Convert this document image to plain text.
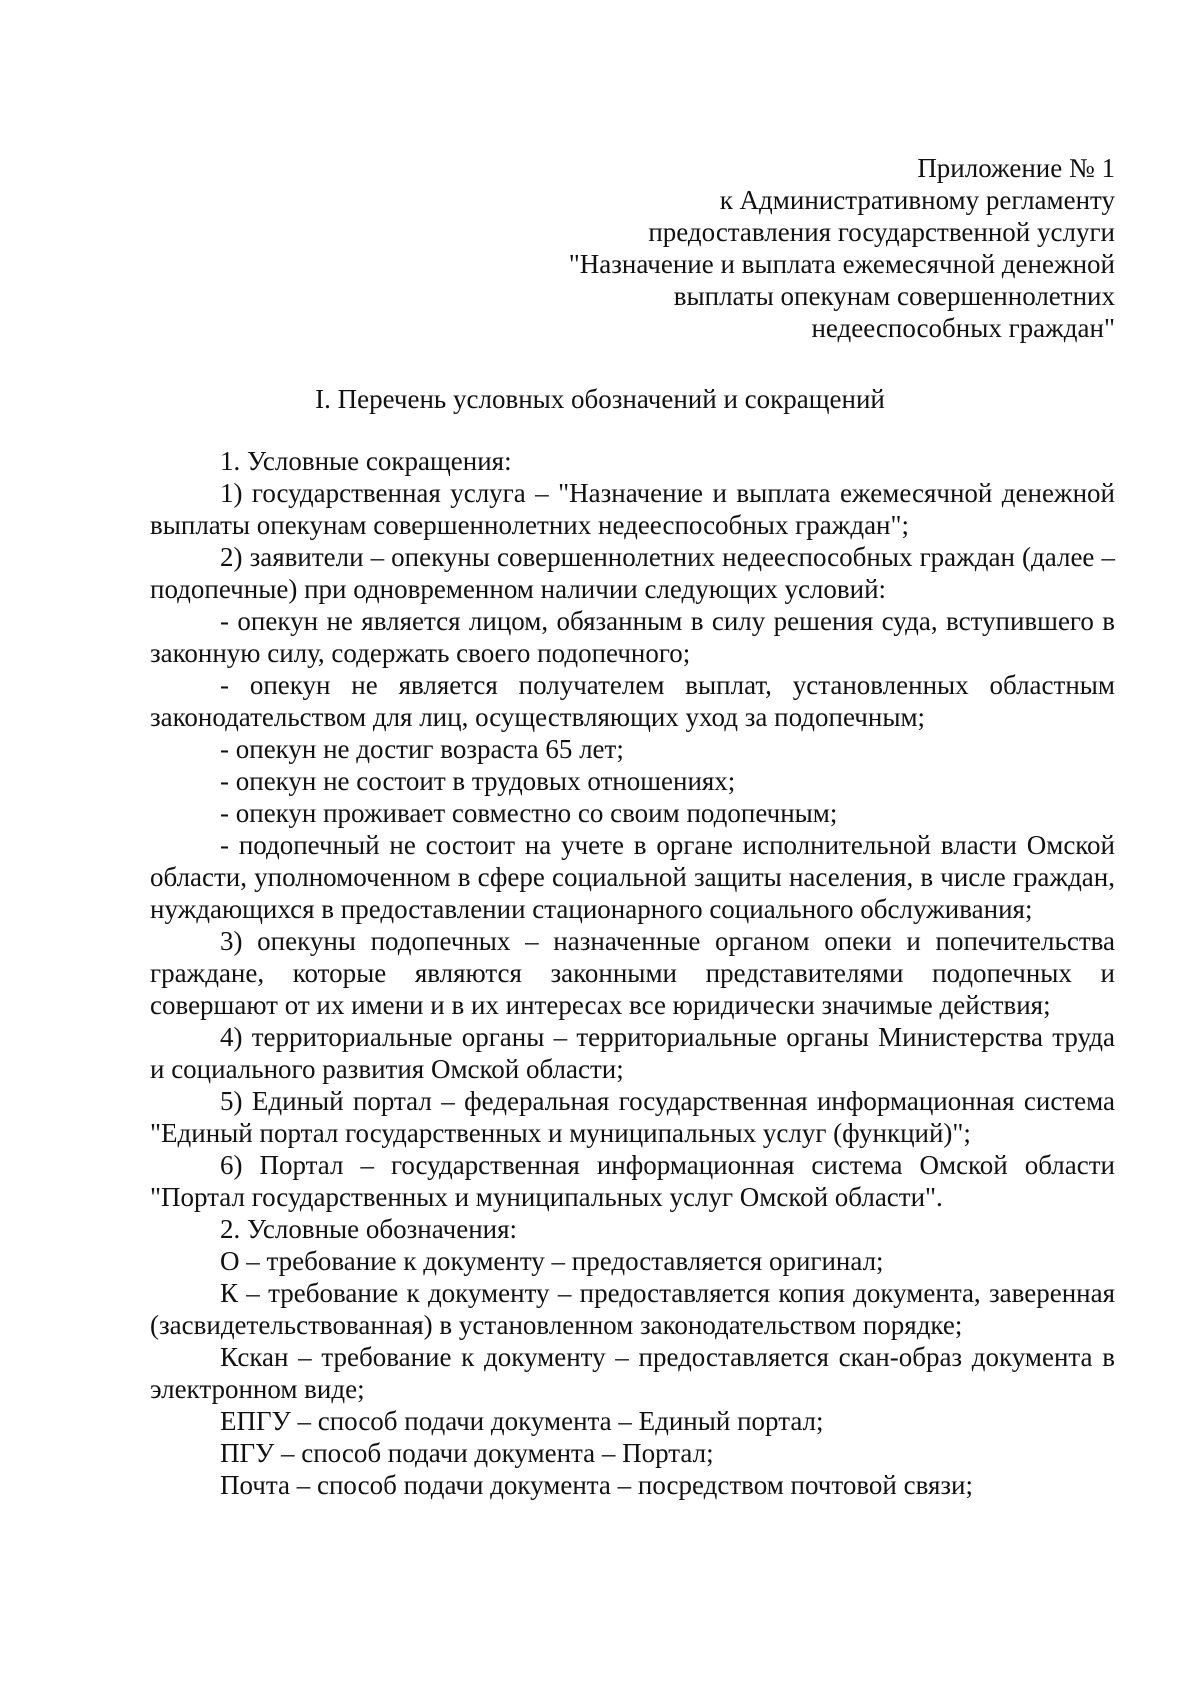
Приложение № 1
к Административному регламенту
предоставления государственной услуги
"Назначение и выплата ежемесячной денежной
выплаты опекунам совершеннолетних
недееспособных граждан"
I. Перечень условных обозначений и сокращений

1. Условные сокращения:

1) государственная услуга – "Назначение и выплата ежемесячной денежной выплаты опекунам совершеннолетних недееспособных граждан";

2) заявители – опекуны совершеннолетних недееспособных граждан (далее – подопечные) при одновременном наличии следующих условий:

- опекун не является лицом, обязанным в силу решения суда, вступившего в законную силу, содержать своего подопечного;

- опекун не является получателем выплат, установленных областным законодательством для лиц, осуществляющих уход за подопечным;

- опекун не достиг возраста 65 лет;

- опекун не состоит в трудовых отношениях;

- опекун проживает совместно со своим подопечным;

- подопечный не состоит на учете в органе исполнительной власти Омской области, уполномоченном в сфере социальной защиты населения, в числе граждан, нуждающихся в предоставлении стационарного социального обслуживания;

3) опекуны подопечных – назначенные органом опеки и попечительства граждане, которые являются законными представителями подопечных и совершают от их имени и в их интересах все юридически значимые действия;

4) территориальные органы – территориальные органы Министерства труда и социального развития Омской области;

5) Единый портал – федеральная государственная информационная система "Единый портал государственных и муниципальных услуг (функций)";

6) Портал – государственная информационная система Омской области "Портал государственных и муниципальных услуг Омской области".

2. Условные обозначения:

О – требование к документу – предоставляется оригинал;

К – требование к документу – предоставляется копия документа, заверенная (засвидетельствованная) в установленном законодательством порядке;

Кскан – требование к документу – предоставляется скан-образ документа в электронном виде;

ЕПГУ – способ подачи документа – Единый портал;

ПГУ – способ подачи документа – Портал;

Почта – способ подачи документа – посредством почтовой связи;
